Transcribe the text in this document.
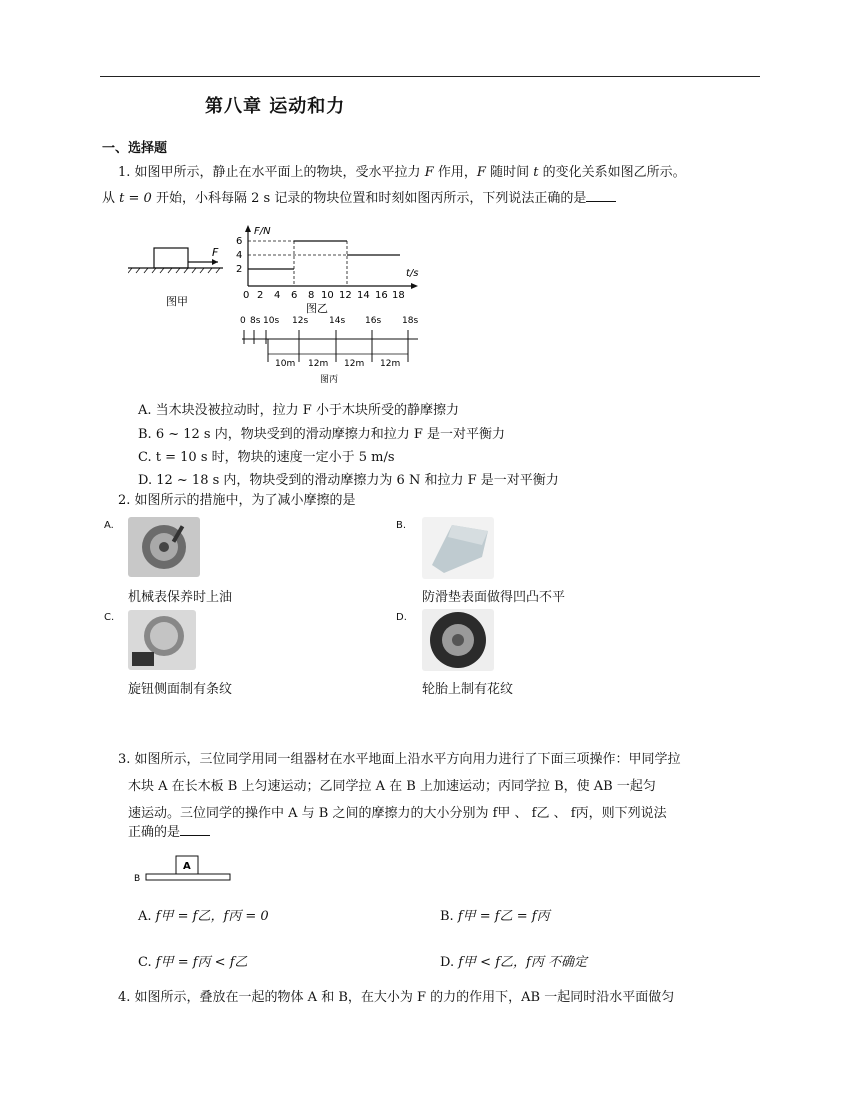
第八章 运动和力
一、选择题
1. 如图甲所示，静止在水平面上的物块，受水平拉力 F 作用，F 随时间 t 的变化关系如图乙所示。
从 t = 0 开始，小科每隔 2 s 记录的物块位置和时刻如图丙所示，下列说法正确的是
F
图甲
F/N
t/s
6
4
2
0 2 4 6 8 10 12 14 16 18
图乙
0 8s 10s 12s 14s 16s 18s
10m 12m 12m 12m
图丙
A. 当木块没被拉动时，拉力 F 小于木块所受的静摩擦力
B. 6 ~ 12 s 内，物块受到的滑动摩擦力和拉力 F 是一对平衡力
C. t = 10 s 时，物块的速度一定小于 5 m/s
D. 12 ~ 18 s 内，物块受到的滑动摩擦力为 6 N 和拉力 F 是一对平衡力
2. 如图所示的措施中，为了减小摩擦的是
A.
机械表保养时上油
B.
防滑垫表面做得凹凸不平
C.
旋钮侧面制有条纹
D.
轮胎上制有花纹
3. 如图所示，三位同学用同一组器材在水平地面上沿水平方向用力进行了下面三项操作：甲同学拉
木块 A 在长木板 B 上匀速运动；乙同学拉 A 在 B 上加速运动；丙同学拉 B，使 AB 一起匀
速运动。三位同学的操作中 A 与 B 之间的摩擦力的大小分别为 f甲 、 f乙 、 f丙，则下列说法
正确的是
A
B
A. f甲 = f乙，f丙 = 0	B. f甲 = f乙 = f丙
C. f甲 = f丙 < f乙	D. f甲 < f乙，f丙 不确定
4. 如图所示，叠放在一起的物体 A 和 B，在大小为 F 的力的作用下，AB 一起同时沿水平面做匀
